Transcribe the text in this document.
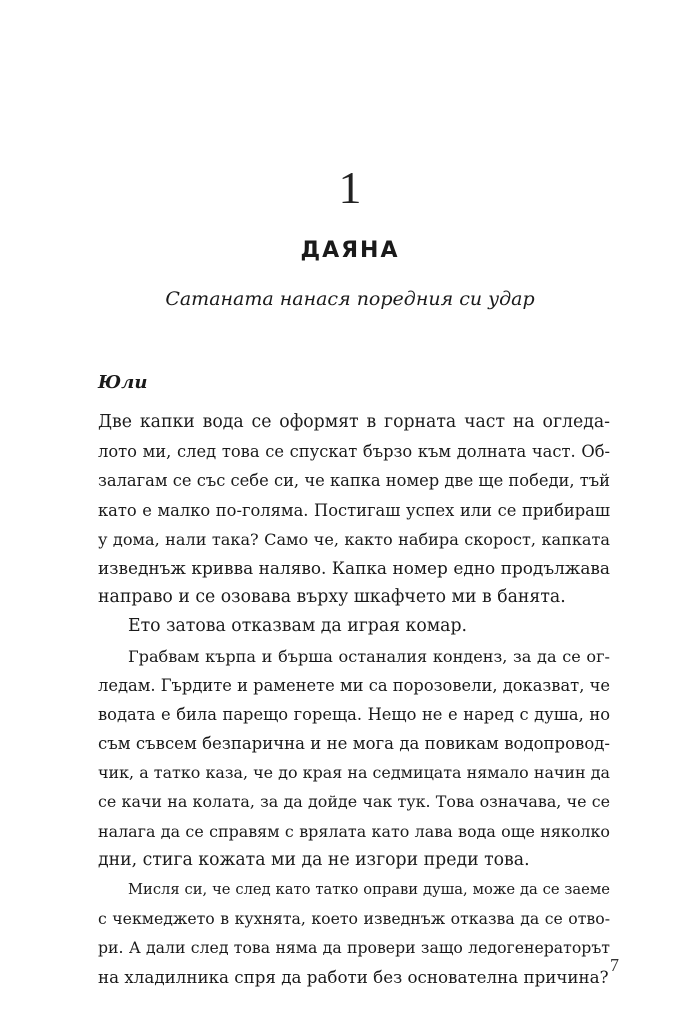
1
ДАЯНА
Сатаната нанася поредния си удар
Юли
Две капки вода се оформят в горната част на огледа-
лото ми, след това се спускат бързо към долната част. Об-
залагам се със себе си, че капка номер две ще победи, тъй
като е малко по-голяма. Постигаш успех или се прибираш
у дома, нали така? Само че, както набира скорост, капката
изведнъж кривва наляво. Капка номер едно продължава
направо и се озовава върху шкафчето ми в банята.
Ето затова отказвам да играя комар.
Грабвам кърпа и бърша останалия конденз, за да се ог-
ледам. Гърдите и раменете ми са порозовели, доказват, че
водата е била парещо гореща. Нещо не е наред с душа, но
съм съвсем безпарична и не мога да повикам водопровод-
чик, а татко каза, че до края на седмицата нямало начин да
се качи на колата, за да дойде чак тук. Това означава, че се
налага да се справям с врялата като лава вода още няколко
дни, стига кожата ми да не изгори преди това.
Мисля си, че след като татко оправи душа, може да се заеме
с чекмеджето в кухнята, което изведнъж отказва да се отво-
ри. А дали след това няма да провери защо ледогенераторът
на хладилника спря да работи без основателна причина?
7
